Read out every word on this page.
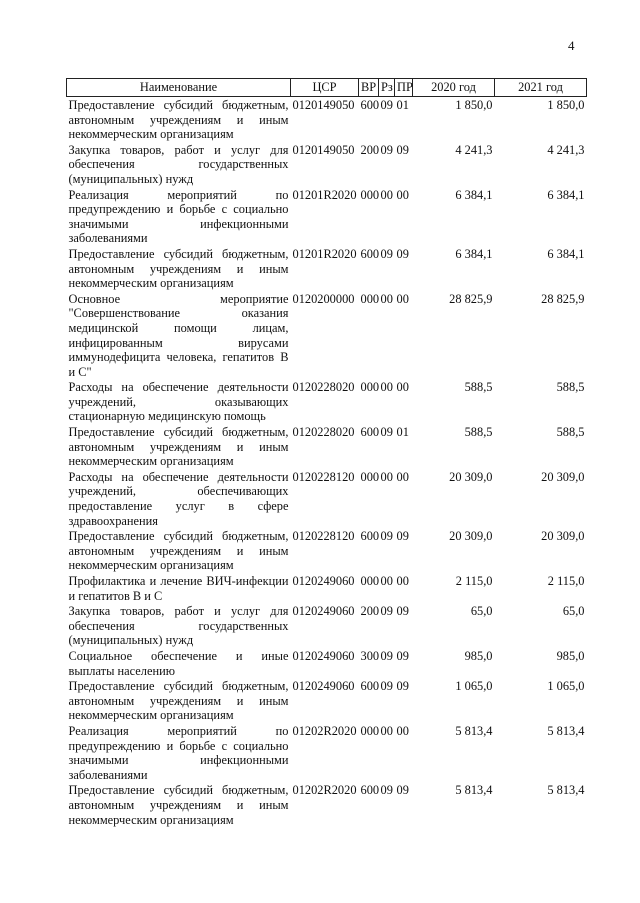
4
Наименование	ЦСР	ВР	Рз	ПР	2020 год	2021 год
Предоставление субсидий бюджетным, автономным учреждениям и иным некоммерческим организациям	0120149050	600	09	01	1 850,0	1 850,0
Закупка товаров, работ и услуг для обеспечения государственных (муниципальных) нужд	0120149050	200	09	09	4 241,3	4 241,3
Реализация мероприятий по предупреждению и борьбе с социально значимыми инфекционными заболеваниями	01201R2020	000	00	00	6 384,1	6 384,1
Предоставление субсидий бюджетным, автономным учреждениям и иным некоммерческим организациям	01201R2020	600	09	09	6 384,1	6 384,1
Основное мероприятие "Совершенствование оказания медицинской помощи лицам, инфицированным вирусами иммунодефицита человека, гепатитов B и C"	0120200000	000	00	00	28 825,9	28 825,9
Расходы на обеспечение деятельности учреждений, оказывающих стационарную медицинскую помощь	0120228020	000	00	00	588,5	588,5
Предоставление субсидий бюджетным, автономным учреждениям и иным некоммерческим организациям	0120228020	600	09	01	588,5	588,5
Расходы на обеспечение деятельности учреждений, обеспечивающих предоставление услуг в сфере здравоохранения	0120228120	000	00	00	20 309,0	20 309,0
Предоставление субсидий бюджетным, автономным учреждениям и иным некоммерческим организациям	0120228120	600	09	09	20 309,0	20 309,0
Профилактика и лечение ВИЧ-инфекции и гепатитов B и C	0120249060	000	00	00	2 115,0	2 115,0
Закупка товаров, работ и услуг для обеспечения государственных (муниципальных) нужд	0120249060	200	09	09	65,0	65,0
Социальное обеспечение и иные выплаты населению	0120249060	300	09	09	985,0	985,0
Предоставление субсидий бюджетным, автономным учреждениям и иным некоммерческим организациям	0120249060	600	09	09	1 065,0	1 065,0
Реализация мероприятий по предупреждению и борьбе с социально значимыми инфекционными заболеваниями	01202R2020	000	00	00	5 813,4	5 813,4
Предоставление субсидий бюджетным, автономным учреждениям и иным некоммерческим организациям	01202R2020	600	09	09	5 813,4	5 813,4
